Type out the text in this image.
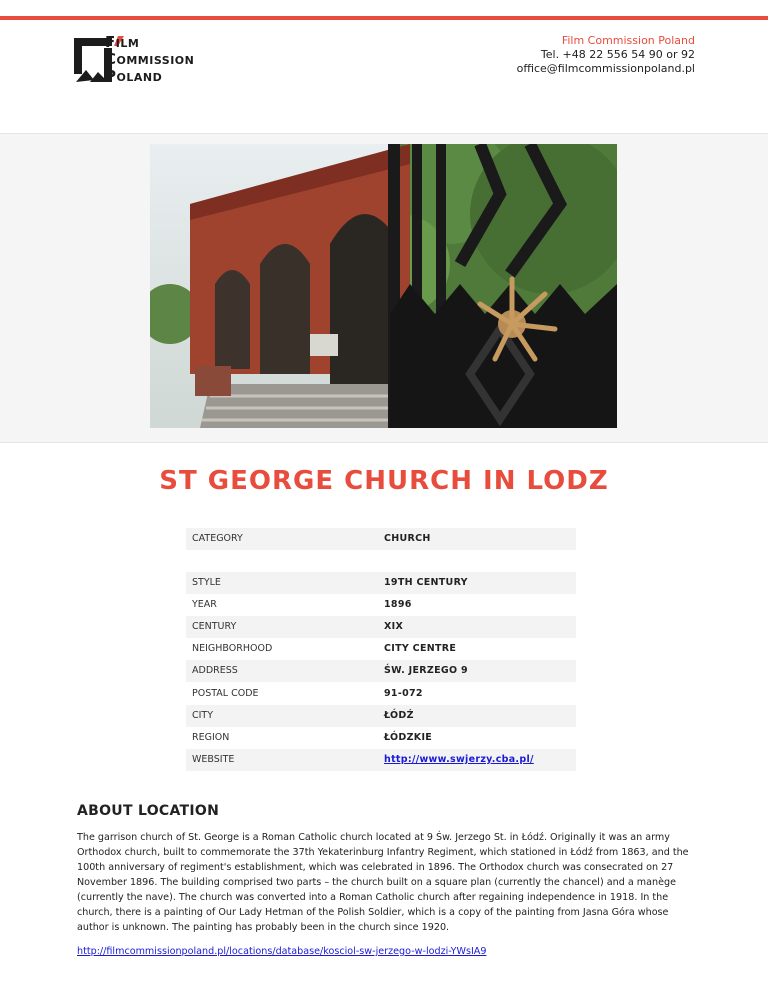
Film
Commission
Poland
Film Commission Poland
Tel. +48 22 556 54 90 or 92
office@filmcommissionpoland.pl
ST GEORGE CHURCH IN LODZ
CATEGORY	CHURCH
STYLE	19TH CENTURY
YEAR	1896
CENTURY	XIX
NEIGHBORHOOD	CITY CENTRE
ADDRESS	ŚW. JERZEGO 9
POSTAL CODE	91-072
CITY	ŁÓDŹ
REGION	ŁÓDZKIE
WEBSITE	http://www.swjerzy.cba.pl/
ABOUT LOCATION
The garrison church of St. George is a Roman Catholic church located at 9 Św. Jerzego St. in Łódź. Originally it was an army Orthodox church, built to commemorate the 37th Yekaterinburg Infantry Regiment, which stationed in Łódź from 1863, and the 100th anniversary of regiment's establishment, which was celebrated in 1896. The Orthodox church was consecrated on 27 November 1896. The building comprised two parts – the church built on a square plan (currently the chancel) and a manège (currently the nave). The church was converted into a Roman Catholic church after regaining independence in 1918. In the church, there is a painting of Our Lady Hetman of the Polish Soldier, which is a copy of the painting from Jasna Góra whose author is unknown. The painting has probably been in the church since 1920.
http://filmcommissionpoland.pl/locations/database/kosciol-sw-jerzego-w-lodzi-YWsIA9
